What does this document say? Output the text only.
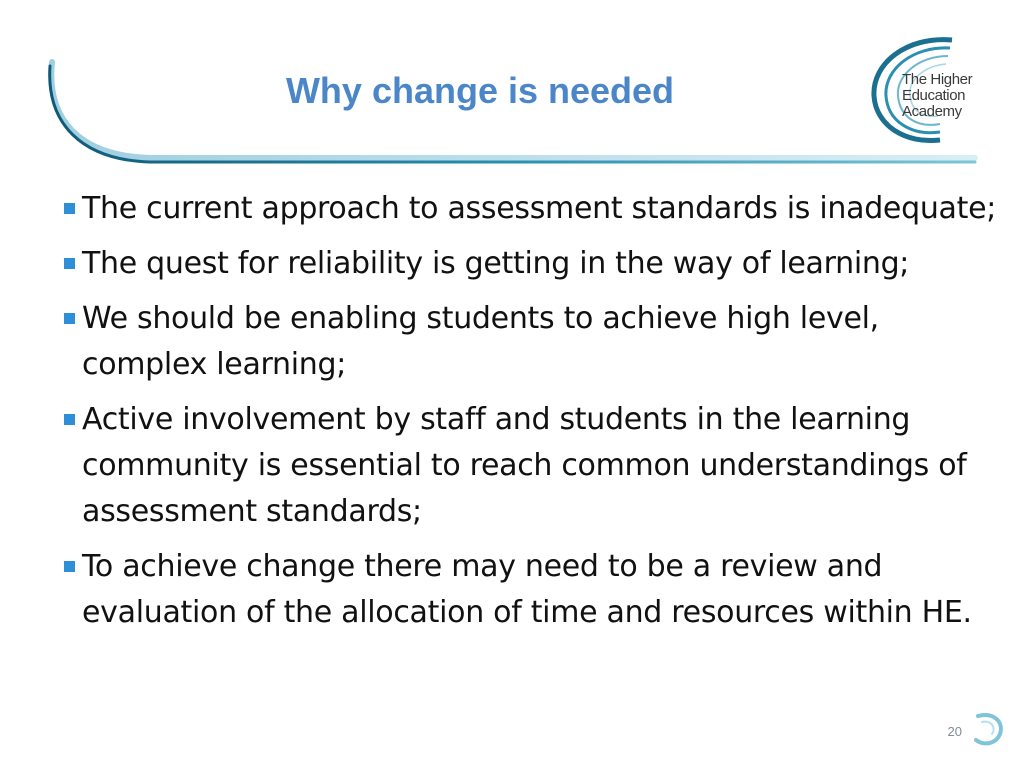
Why change is needed	The Higher
Education
Academy
The current approach to assessment standards is inadequate;
The quest for reliability is getting in the way of learning;
We should be enabling students to achieve high level, complex learning;
Active involvement by staff and students in the learning community is essential to reach common understandings of assessment standards;
To achieve change there may need to be a review and evaluation of the allocation of time and resources within HE.
20
